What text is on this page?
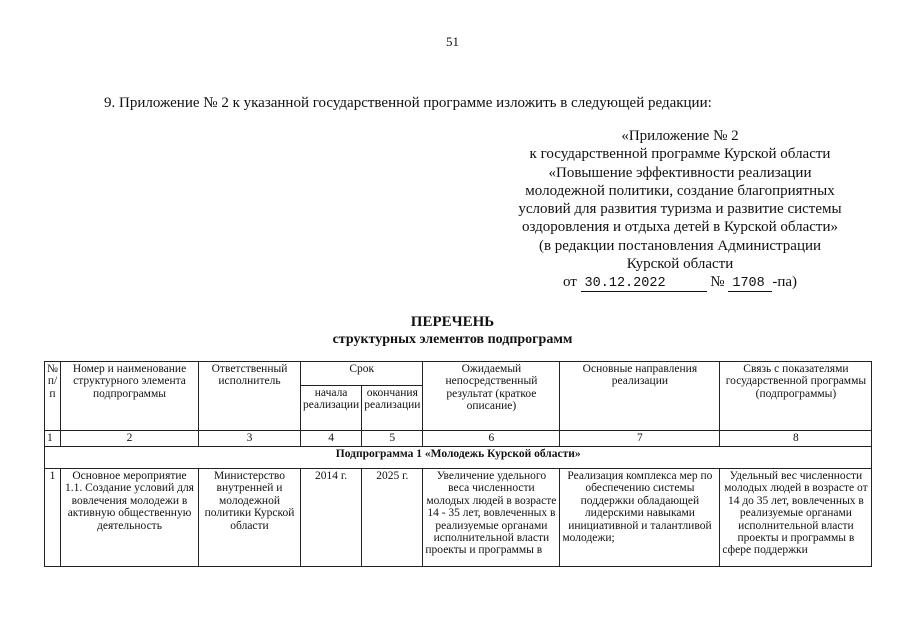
51
9. Приложение № 2 к указанной государственной программе изложить в следующей редакции:
«Приложение № 2
к государственной программе Курской области
«Повышение эффективности реализации
молодежной политики, создание благоприятных
условий для развития туризма и развитие системы
оздоровления и отдыха детей в Курской области»
(в редакции постановления Администрации
Курской области
от 30.12.2022	№ 1708 -па)
ПЕРЕЧЕНЬ
структурных элементов подпрограмм
№ п/п	Номер и наименование структурного элемента подпрограммы	Ответственный исполнитель	Срок		Ожидаемый непосредственный результат (краткое описание)	Основные направления реализации	Связь с показателями государственной программы (подпрограммы)
			начала реализации	окончания реализации			
1	2	3	4	5	6	7	8
Подпрограмма 1 «Молодежь Курской области»							
1	Основное мероприятие 1.1. Создание условий для вовлечения молодежи в активную общественную деятельность	Министерство внутренней и молодежной политики Курской области	2014 г.	2025 г.	Увеличение удельного веса численности молодых людей в возрасте 14 - 35 лет, вовлеченных в реализуемые органами исполнительной власти проекты и программы в	Реализация комплекса мер по обеспечению системы поддержки обладающей лидерскими навыками инициативной и талантливой молодежи;	Удельный вес численности молодых людей в возрасте от 14 до 35 лет, вовлеченных в реализуемые органами исполнительной власти проекты и программы в сфере поддержки
